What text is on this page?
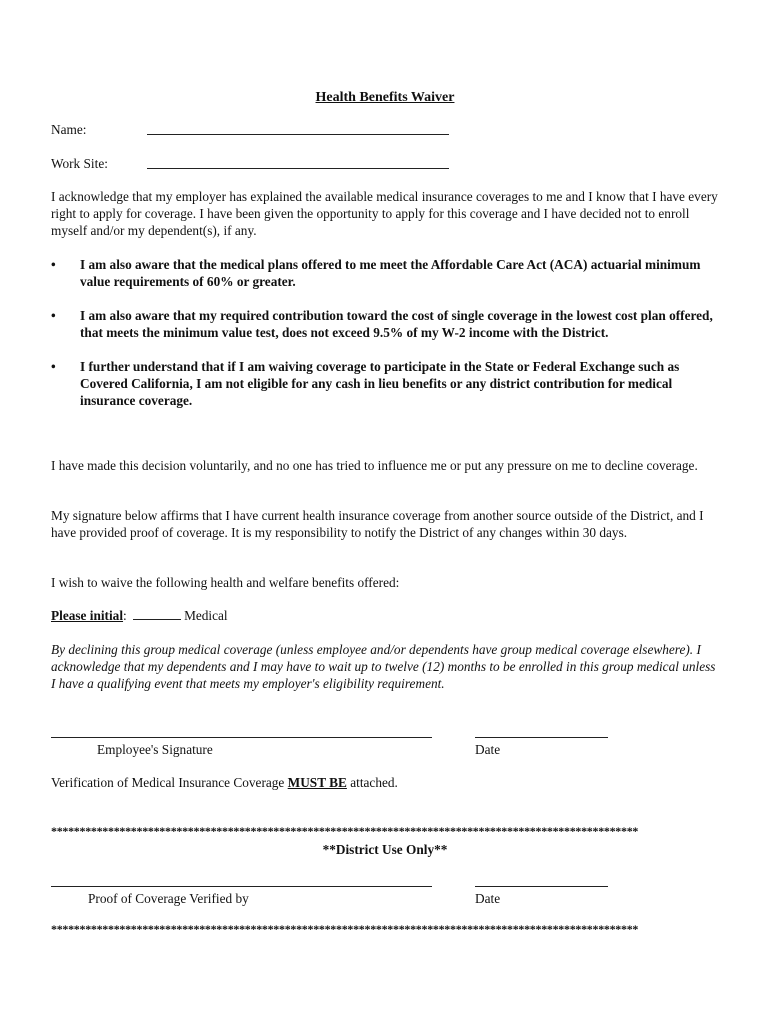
Health Benefits Waiver
Name:
Work Site:
I acknowledge that my employer has explained the available medical insurance coverages to me and I know that I have every right to apply for coverage. I have been given the opportunity to apply for this coverage and I have decided not to enroll myself and/or my dependent(s), if any.
• I am also aware that the medical plans offered to me meet the Affordable Care Act (ACA) actuarial minimum value requirements of 60% or greater.
• I am also aware that my required contribution toward the cost of single coverage in the lowest cost plan offered, that meets the minimum value test, does not exceed 9.5% of my W-2 income with the District.
• I further understand that if I am waiving coverage to participate in the State or Federal Exchange such as Covered California, I am not eligible for any cash in lieu benefits or any district contribution for medical insurance coverage.
I have made this decision voluntarily, and no one has tried to influence me or put any pressure on me to decline coverage.
My signature below affirms that I have current health insurance coverage from another source outside of the District, and I have provided proof of coverage. It is my responsibility to notify the District of any changes within 30 days.
I wish to waive the following health and welfare benefits offered:
Please initial:	Medical
By declining this group medical coverage (unless employee and/or dependents have group medical coverage elsewhere). I acknowledge that my dependents and I may have to wait up to twelve (12) months to be enrolled in this group medical unless I have a qualifying event that meets my employer's eligibility requirement.
Employee's Signature	Date
Verification of Medical Insurance Coverage MUST BE attached.
*******************************************************************************************************
**District Use Only**
Proof of Coverage Verified by	Date
*******************************************************************************************************
